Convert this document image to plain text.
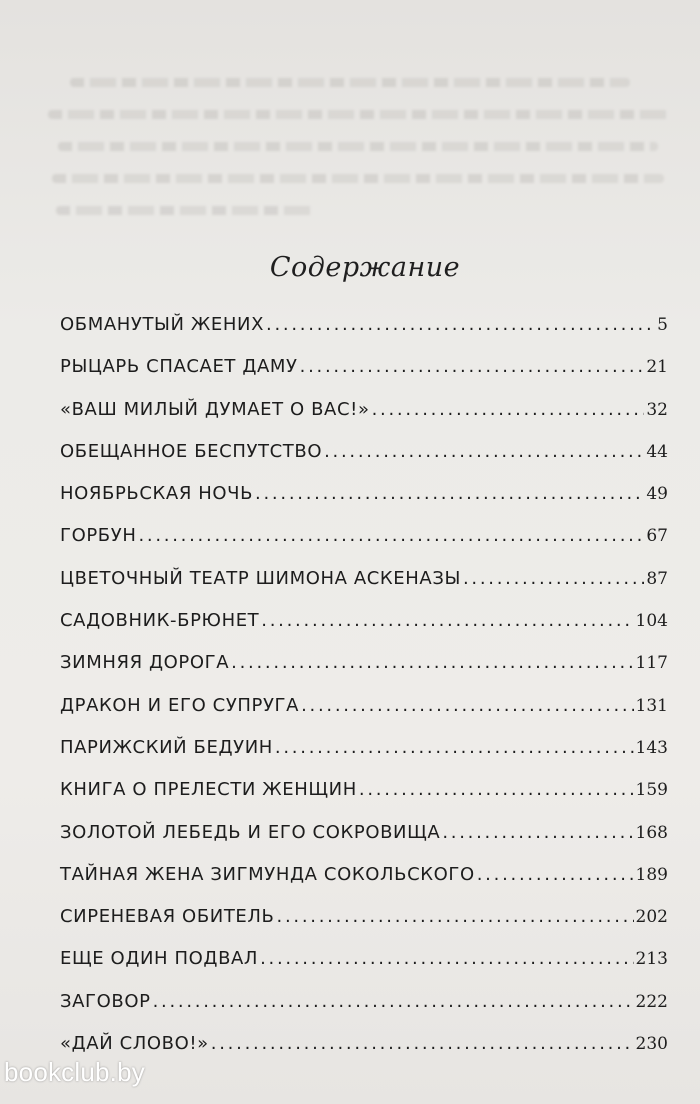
Содержание
ОБМАНУТЫЙ ЖЕНИХ . . .	5
РЫЦАРЬ СПАСАЕТ ДАМУ . . .	21
«ВАШ МИЛЫЙ ДУМАЕТ О ВАС!» . . .	32
ОБЕЩАННОЕ БЕСПУТСТВО . . .	44
НОЯБРЬСКАЯ НОЧЬ . . .	49
ГОРБУН . . .	67
ЦВЕТОЧНЫЙ ТЕАТР ШИМОНА АСКЕНАЗЫ . . .	87
САДОВНИК-БРЮНЕТ . . .	104
ЗИМНЯЯ ДОРОГА . . .	117
ДРАКОН И ЕГО СУПРУГА . . .	131
ПАРИЖСКИЙ БЕДУИН . . .	143
КНИГА О ПРЕЛЕСТИ ЖЕНЩИН . . .	159
ЗОЛОТОЙ ЛЕБЕДЬ И ЕГО СОКРОВИЩА . . .	168
ТАЙНАЯ ЖЕНА ЗИГМУНДА СОКОЛЬСКОГО . . .	189
СИРЕНЕВАЯ ОБИТЕЛЬ . . .	202
ЕЩЕ ОДИН ПОДВАЛ . . .	213
ЗАГОВОР . . .	222
«ДАЙ СЛОВО!» . . .	230
bookclub.by
